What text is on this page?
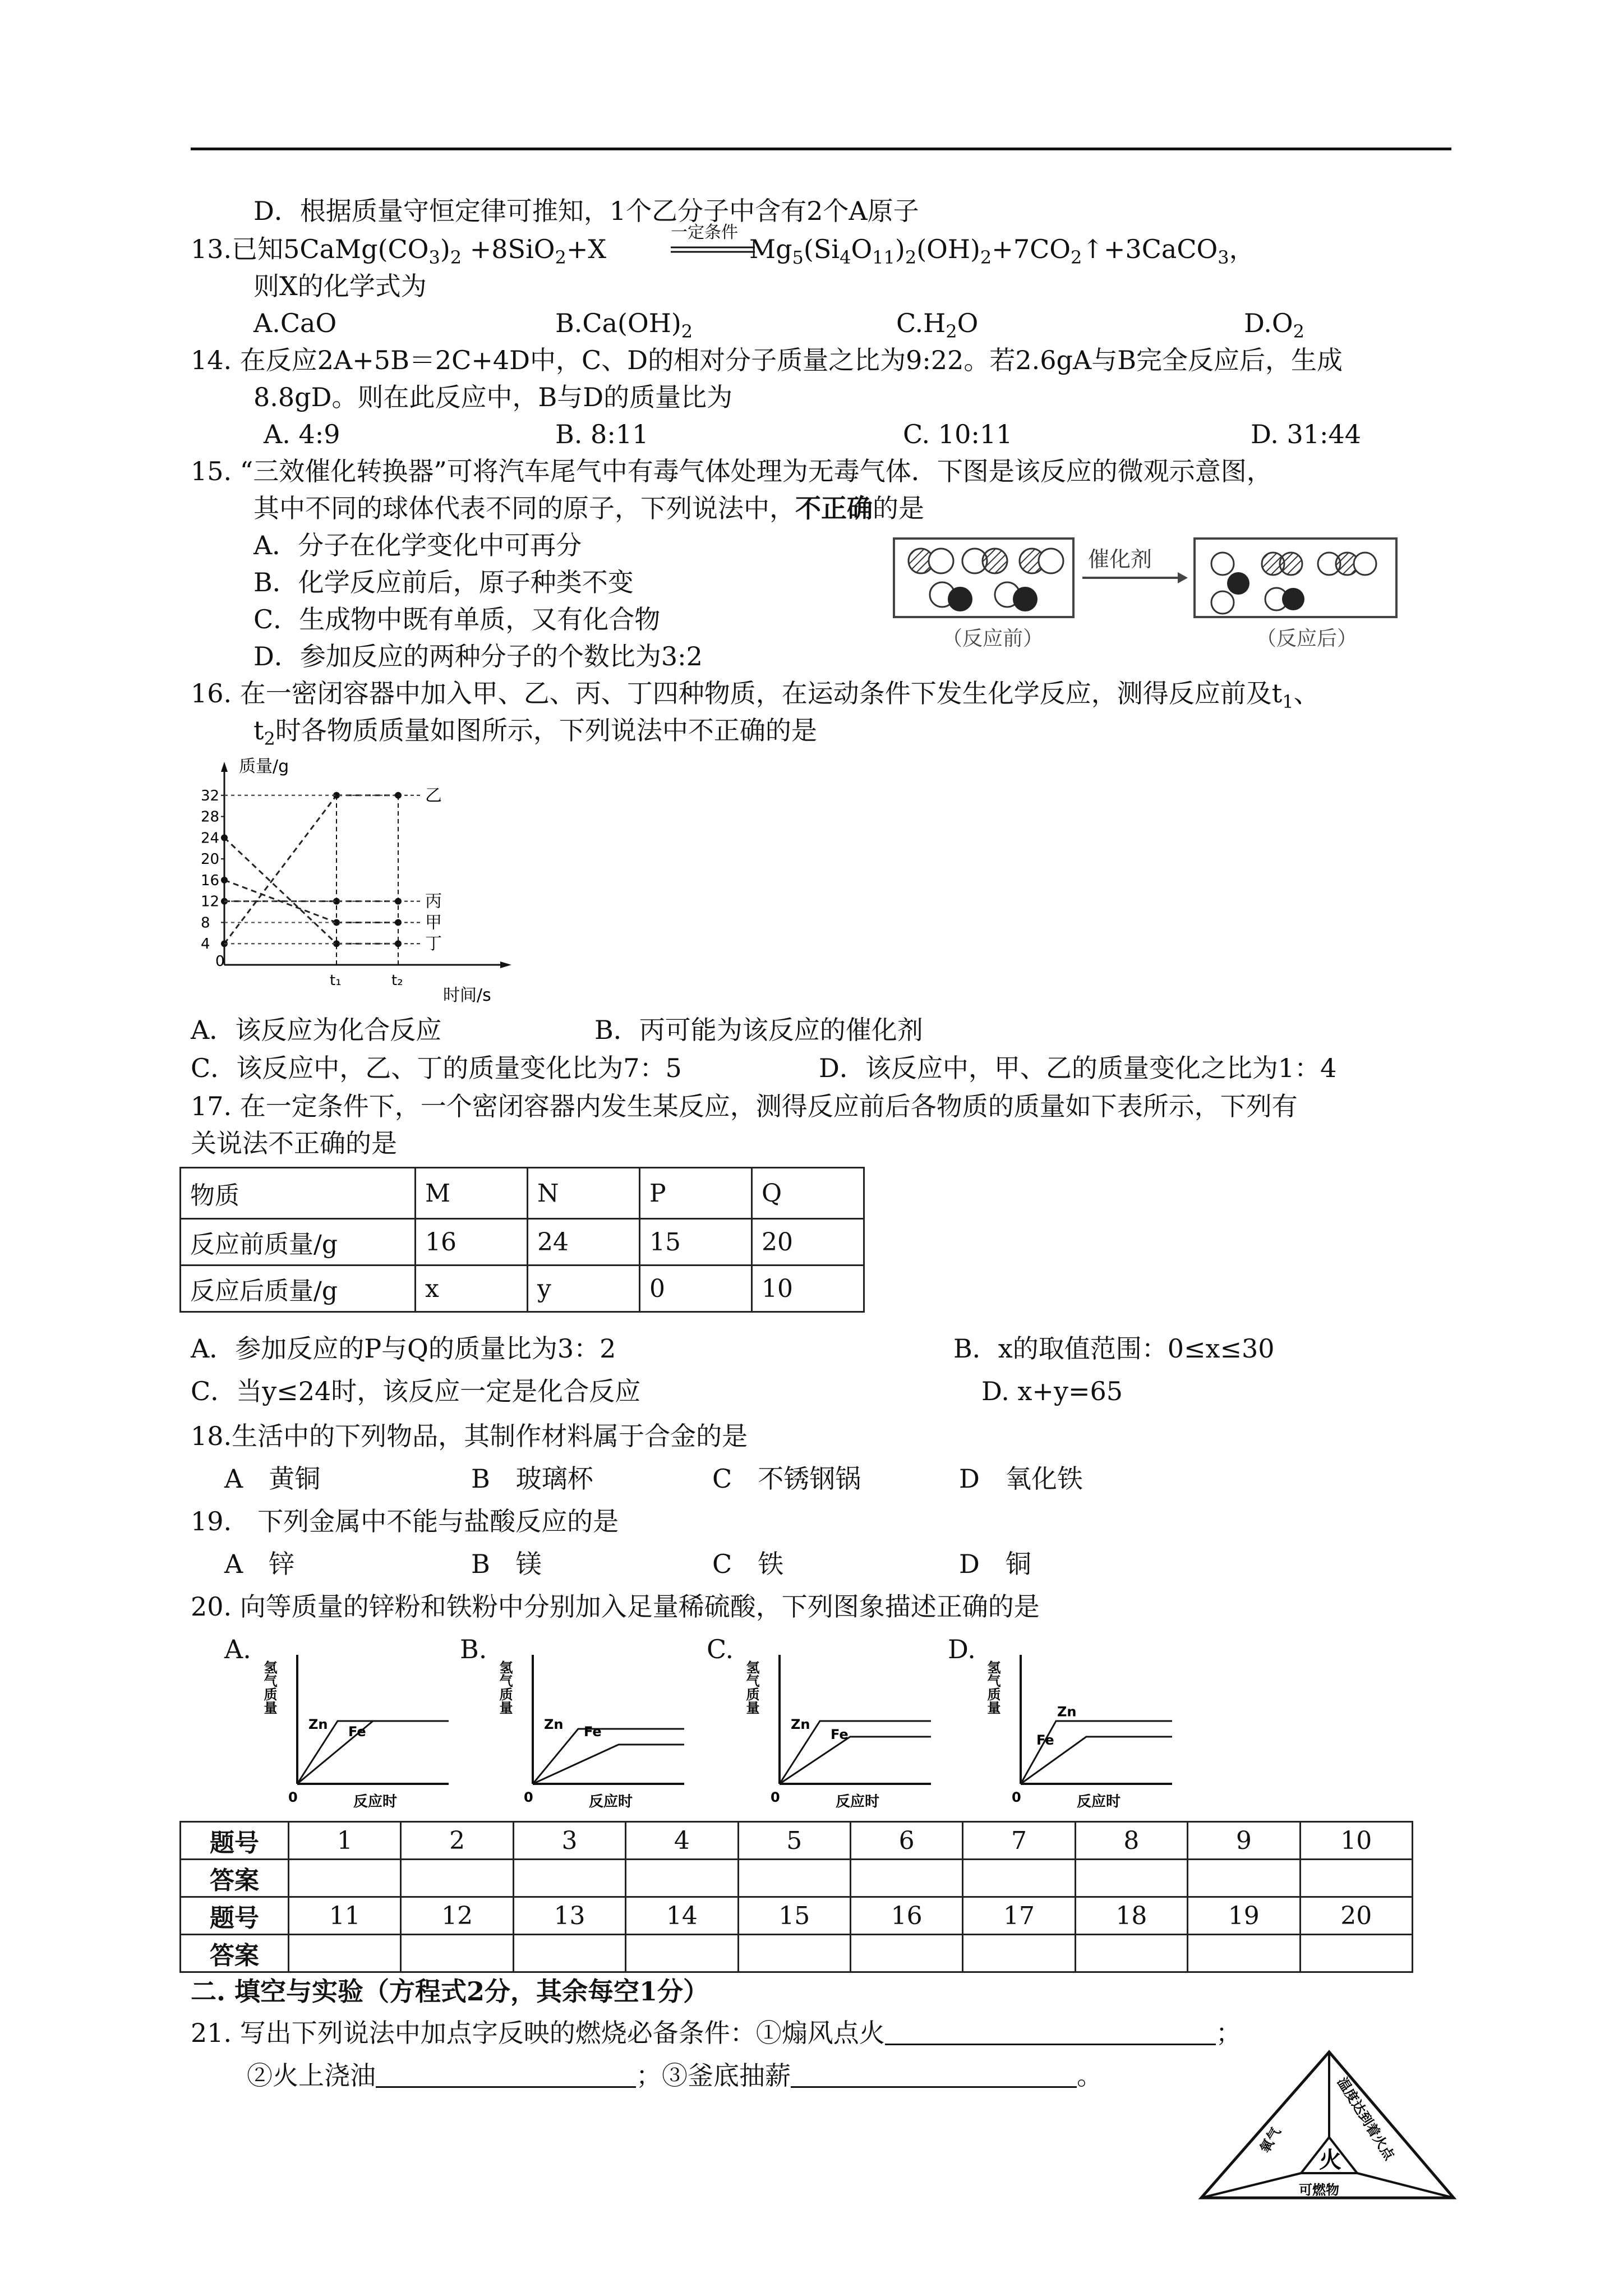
D．根据质量守恒定律可推知，1个乙分子中含有2个A原子
13.已知$5CaMg(CO_3)_2 +8SiO_2+X$
一定条件
$Mg_5(Si_4O_{11})_2(OH)_2+7CO_2↑+3CaCO_3$，
则X的化学式为
A.CaO	$B.Ca(OH)_2$	$C.H_2O$	$D.O_2$
14. 在反应2A+5B＝2C+4D中，C、D的相对分子质量之比为9:22。若2.6gA与B完全反应后，生成
8.8gD。则在此反应中，B与D的质量比为
A. 4:9	B. 8:11	C. 10:11	D. 31:44
15. “三效催化转换器”可将汽车尾气中有毒气体处理为无毒气体．下图是该反应的微观示意图，
其中不同的球体代表不同的原子，下列说法中，不正确的是
A．分子在化学变化中可再分
B．化学反应前后，原子种类不变
C．生成物中既有单质，又有化合物
D．参加反应的两种分子的个数比为3:2
（反应前）
催化剂
（反应后）
16. 在一密闭容器中加入甲、乙、丙、丁四种物质，在运动条件下发生化学反应，测得反应前及$t_1$、
$t_2$时各物质质量如图所示，下列说法中不正确的是
质量/g
时间/s
0
4
8
12
16
20
24
28
32
t₁	t₂
乙
丙
甲
丁
A．该反应为化合反应	B．丙可能为该反应的催化剂
C．该反应中，乙、丁的质量变化比为7：5	D．该反应中，甲、乙的质量变化之比为1：4
17. 在一定条件下，一个密闭容器内发生某反应，测得反应前后各物质的质量如下表所示，下列有
关说法不正确的是
物质	M	N	P	Q
反应前质量/g	16	24	15	20
反应后质量/g	x	y	0	10
A．参加反应的P与Q的质量比为3：2	B．x的取值范围：0≤x≤30
C．当y≤24时，该反应一定是化合反应	D. x+y=65
18.生活中的下列物品，其制作材料属于合金的是
A　黄铜	B　玻璃杯	C　不锈钢锅	D　氧化铁
19.　下列金属中不能与盐酸反应的是
A　锌	B　镁	C　铁	D　铜
20. 向等质量的锌粉和铁粉中分别加入足量稀硫酸，下列图象描述正确的是
A.
氢气质量
反应时
0
Zn Fe
B.
氢气质量
反应时
0
Zn Fe
C.
氢气质量
反应时
0
Zn
Fe
D.
氢气质量
反应时
0
Zn
Fe
题号	1	2	3	4	5	6	7	8	9	10
答案										
题号	11	12	13	14	15	16	17	18	19	20
答案										
二. 填空与实验（方程式2分，其余每空1分）
21. 写出下列说法中加点字反映的燃烧必备条件：①煽风点火	；
②火上浇油	；③釜底抽薪	。
火
氧气	温度达到着火点
可燃物
